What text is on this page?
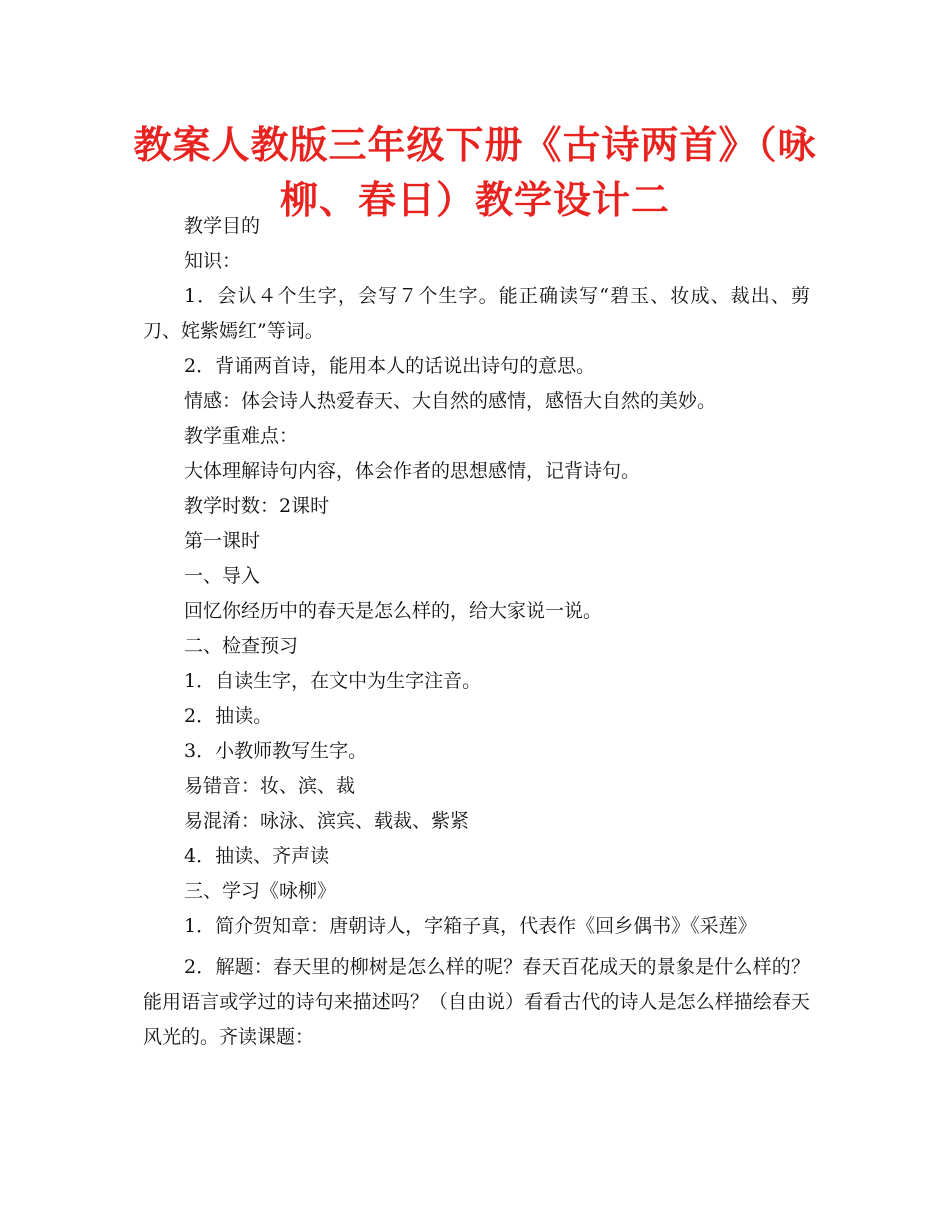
教案人教版三年级下册《古诗两首》（咏柳、春日）教学设计二

教学目的

知识：

1．会认４个生字，会写７个生字。能正确读写“碧玉、妆成、裁出、剪刀、姹紫嫣红”等词。

2．背诵两首诗，能用本人的话说出诗句的意思。

情感：体会诗人热爱春天、大自然的感情，感悟大自然的美妙。

教学重难点：

大体理解诗句内容，体会作者的思想感情，记背诗句。

教学时数：2课时

第一课时

一、导入

回忆你经历中的春天是怎么样的，给大家说一说。

二、检查预习

1．自读生字，在文中为生字注音。

2．抽读。

3．小教师教写生字。

易错音：妆、滨、裁

易混淆：咏泳、滨宾、载裁、紫紧

4．抽读、齐声读

三、学习《咏柳》

1．简介贺知章：唐朝诗人，字箱子真，代表作《回乡偶书》《采莲》

2．解题：春天里的柳树是怎么样的呢？春天百花成天的景象是什么样的？能用语言或学过的诗句来描述吗？（自由说）看看古代的诗人是怎么样描绘春天风光的。齐读课题：
